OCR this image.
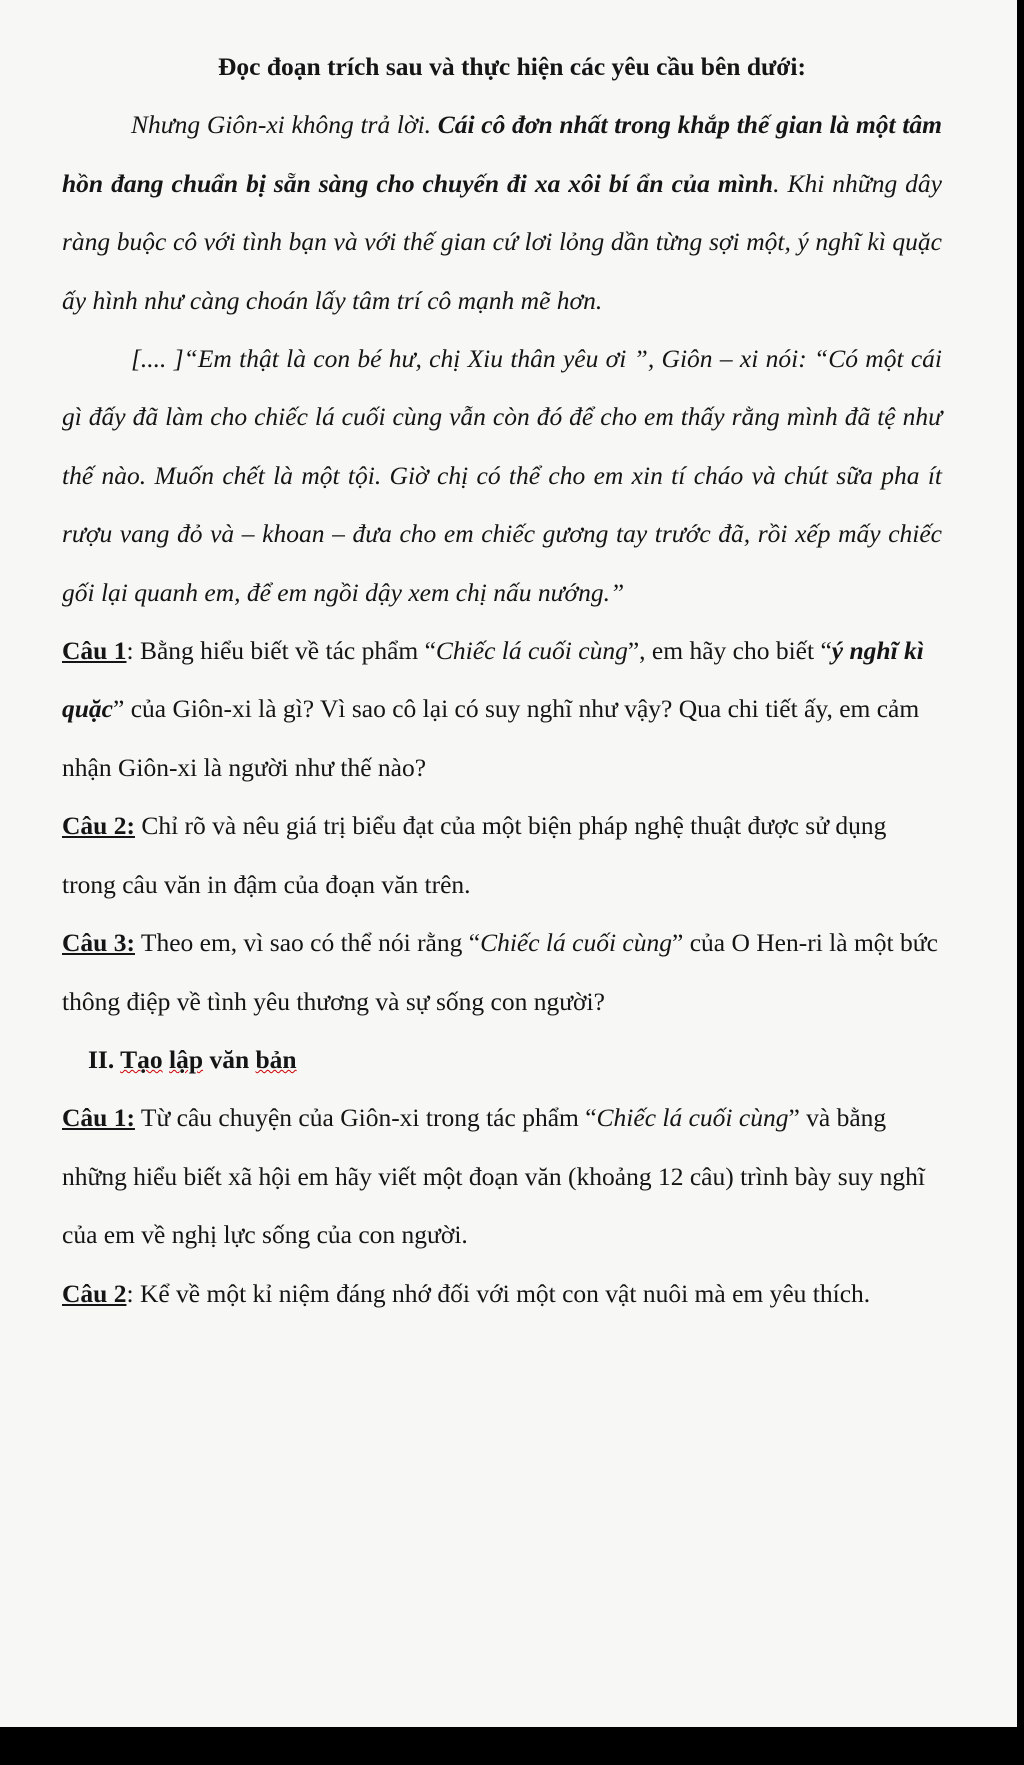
Đọc đoạn trích sau và thực hiện các yêu cầu bên dưới:

Nhưng Giôn-xi không trả lời. Cái cô đơn nhất trong khắp thế gian là một tâm hồn đang chuẩn bị sẵn sàng cho chuyến đi xa xôi bí ẩn của mình. Khi những dây ràng buộc cô với tình bạn và với thế gian cứ lơi lỏng dần từng sợi một, ý nghĩ kì quặc ấy hình như càng choán lấy tâm trí cô mạnh mẽ hơn.

[.... ]“Em thật là con bé hư, chị Xiu thân yêu ơi ”, Giôn – xi nói: “Có một cái gì đấy đã làm cho chiếc lá cuối cùng vẫn còn đó để cho em thấy rằng mình đã tệ như thế nào. Muốn chết là một tội. Giờ chị có thể cho em xin tí cháo và chút sữa pha ít rượu vang đỏ và – khoan – đưa cho em chiếc gương tay trước đã, rồi xếp mấy chiếc gối lại quanh em, để em ngồi dậy xem chị nấu nướng.”

Câu 1: Bằng hiểu biết về tác phẩm “Chiếc lá cuối cùng”, em hãy cho biết “ý nghĩ kì quặc” của Giôn-xi là gì? Vì sao cô lại có suy nghĩ như vậy? Qua chi tiết ấy, em cảm nhận Giôn-xi là người như thế nào?

Câu 2: Chỉ rõ và nêu giá trị biểu đạt của một biện pháp nghệ thuật được sử dụng trong câu văn in đậm của đoạn văn trên.

Câu 3: Theo em, vì sao có thể nói rằng “Chiếc lá cuối cùng” của O Hen-ri là một bức thông điệp về tình yêu thương và sự sống con người?

II. Tạo lập văn bản

Câu 1: Từ câu chuyện của Giôn-xi trong tác phẩm “Chiếc lá cuối cùng” và bằng những hiểu biết xã hội em hãy viết một đoạn văn (khoảng 12 câu) trình bày suy nghĩ của em về nghị lực sống của con người.

Câu 2: Kể về một kỉ niệm đáng nhớ đối với một con vật nuôi mà em yêu thích.
